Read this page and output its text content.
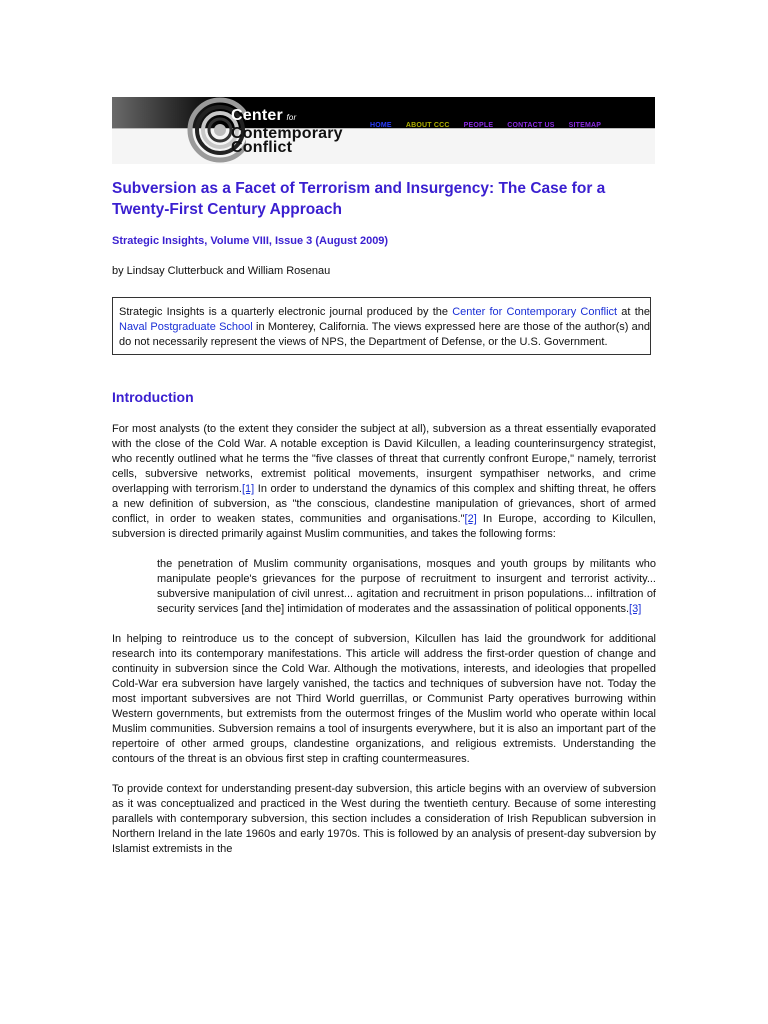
Center for
Contemporary
Conflict
HOME ABOUT CCC PEOPLE CONTACT US SITEMAP
Subversion as a Facet of Terrorism and Insurgency: The Case for a Twenty-First Century Approach

Strategic Insights, Volume VIII, Issue 3 (August 2009)

by Lindsay Clutterbuck and William Rosenau

Strategic Insights is a quarterly electronic journal produced by the Center for Contemporary Conflict at the Naval Postgraduate School in Monterey, California. The views expressed here are those of the author(s) and do not necessarily represent the views of NPS, the Department of Defense, or the U.S. Government.
Introduction

For most analysts (to the extent they consider the subject at all), subversion as a threat essentially evaporated with the close of the Cold War. A notable exception is David Kilcullen, a leading counterinsurgency strategist, who recently outlined what he terms the "five classes of threat that currently confront Europe," namely, terrorist cells, subversive networks, extremist political movements, insurgent sympathiser networks, and crime overlapping with terrorism.[1] In order to understand the dynamics of this complex and shifting threat, he offers a new definition of subversion, as "the conscious, clandestine manipulation of grievances, short of armed conflict, in order to weaken states, communities and organisations."[2] In Europe, according to Kilcullen, subversion is directed primarily against Muslim communities, and takes the following forms:

the penetration of Muslim community organisations, mosques and youth groups by militants who manipulate people's grievances for the purpose of recruitment to insurgent and terrorist activity... subversive manipulation of civil unrest... agitation and recruitment in prison populations... infiltration of security services [and the] intimidation of moderates and the assassination of political opponents.[3]

In helping to reintroduce us to the concept of subversion, Kilcullen has laid the groundwork for additional research into its contemporary manifestations. This article will address the first-order question of change and continuity in subversion since the Cold War. Although the motivations, interests, and ideologies that propelled Cold-War era subversion have largely vanished, the tactics and techniques of subversion have not. Today the most important subversives are not Third World guerrillas, or Communist Party operatives burrowing within Western governments, but extremists from the outermost fringes of the Muslim world who operate within local Muslim communities. Subversion remains a tool of insurgents everywhere, but it is also an important part of the repertoire of other armed groups, clandestine organizations, and religious extremists. Understanding the contours of the threat is an obvious first step in crafting countermeasures.

To provide context for understanding present-day subversion, this article begins with an overview of subversion as it was conceptualized and practiced in the West during the twentieth century. Because of some interesting parallels with contemporary subversion, this section includes a consideration of Irish Republican subversion in Northern Ireland in the late 1960s and early 1970s. This is followed by an analysis of present-day subversion by Islamist extremists in the
